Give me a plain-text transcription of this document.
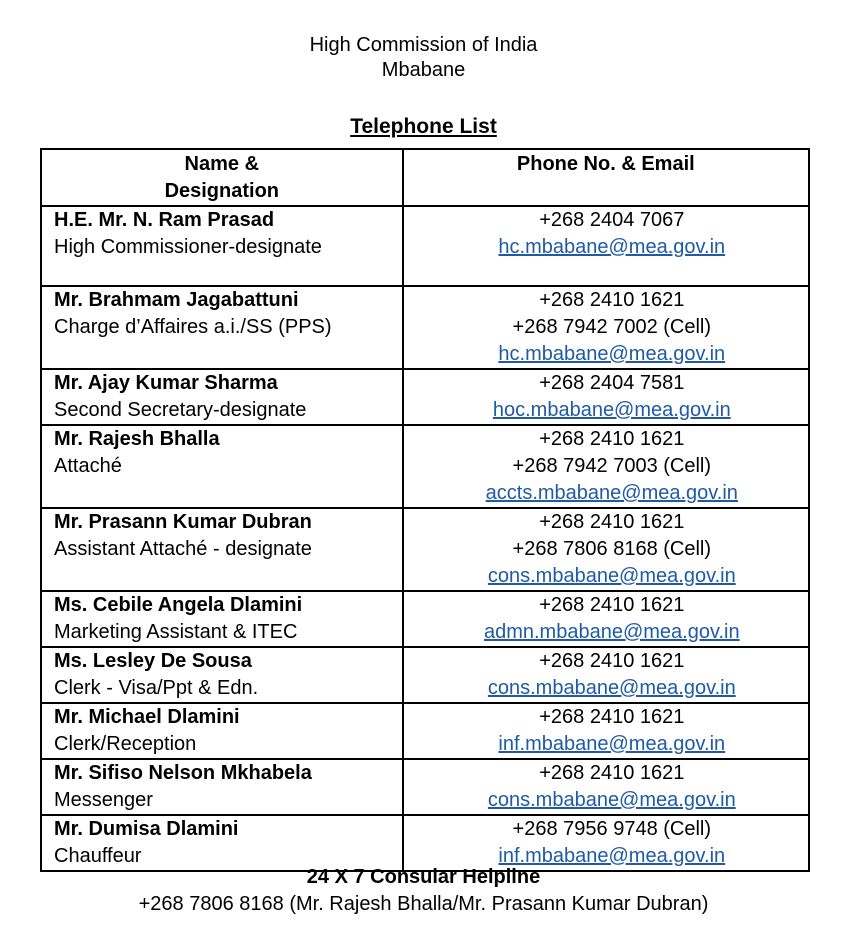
High Commission of India
Mbabane
Telephone List
Name &
Designation	Phone No. & Email

H.E. Mr. N. Ram Prasad
High Commissioner-designate	+268 2404 7067
hc.mbabane@mea.gov.in

Mr. Brahmam Jagabattuni
Charge d’Affaires a.i./SS (PPS)	+268 2410 1621
+268 7942 7002 (Cell)
hc.mbabane@mea.gov.in

Mr. Ajay Kumar Sharma
Second Secretary-designate	+268 2404 7581
hoc.mbabane@mea.gov.in

Mr. Rajesh Bhalla
Attaché	+268 2410 1621
+268 7942 7003 (Cell)
accts.mbabane@mea.gov.in

Mr. Prasann Kumar Dubran
Assistant Attaché - designate	+268 2410 1621
+268 7806 8168 (Cell)
cons.mbabane@mea.gov.in

Ms. Cebile Angela Dlamini
Marketing Assistant & ITEC	+268 2410 1621
admn.mbabane@mea.gov.in

Ms. Lesley De Sousa
Clerk - Visa/Ppt & Edn.	+268 2410 1621
cons.mbabane@mea.gov.in

Mr. Michael Dlamini
Clerk/Reception	+268 2410 1621
inf.mbabane@mea.gov.in

Mr. Sifiso Nelson Mkhabela
Messenger	+268 2410 1621
cons.mbabane@mea.gov.in

Mr. Dumisa Dlamini
Chauffeur	+268 7956 9748 (Cell)
inf.mbabane@mea.gov.in
24 X 7 Consular Helpline
+268 7806 8168 (Mr. Rajesh Bhalla/Mr. Prasann Kumar Dubran)
